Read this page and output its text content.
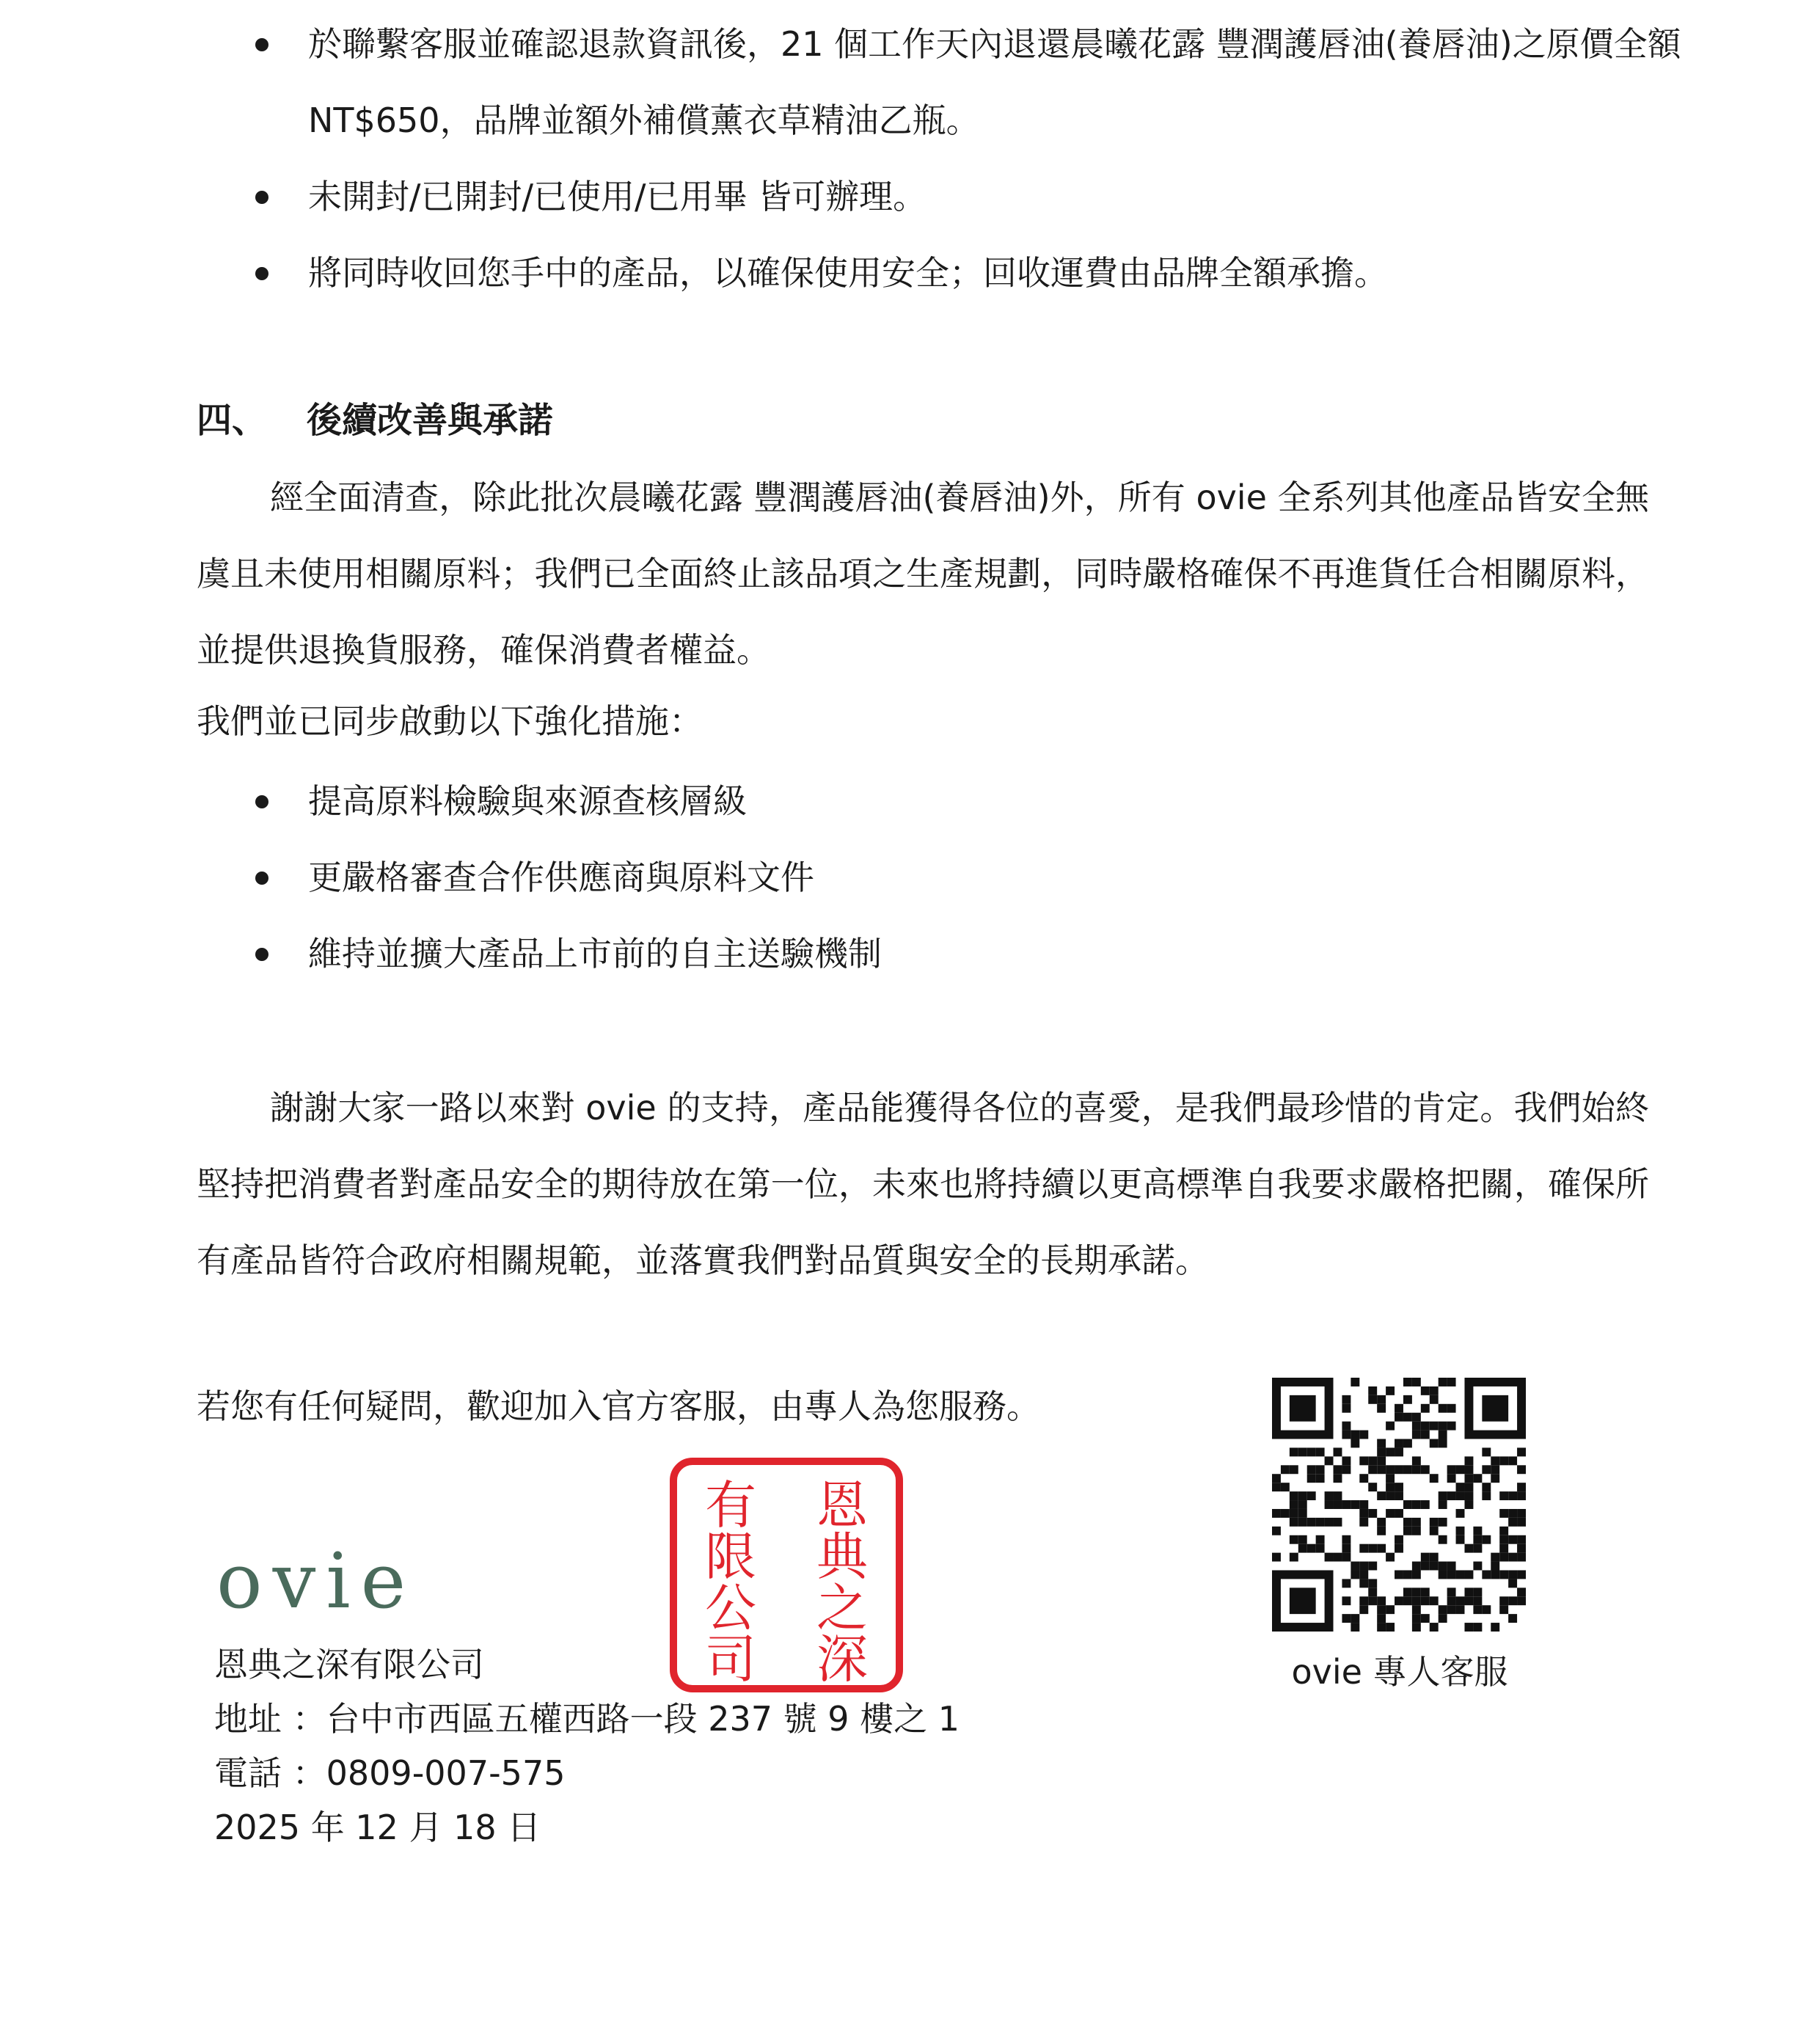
於聯繫客服並確認退款資訊後，21 個工作天內退還晨曦花露 豐潤護唇油(養唇油)之原價全額 NT$650，品牌並額外補償薰衣草精油乙瓶。
未開封/已開封/已使用/已用畢 皆可辦理。
將同時收回您手中的產品，以確保使用安全；回收運費由品牌全額承擔。
四、 後續改善與承諾

經全面清查，除此批次晨曦花露 豐潤護唇油(養唇油)外，所有 ovie 全系列其他產品皆安全無虞且未使用相關原料；我們已全面終止該品項之生產規劃，同時嚴格確保不再進貨任合相關原料，並提供退換貨服務，確保消費者權益。

我們並已同步啟動以下強化措施：
提高原料檢驗與來源查核層級
更嚴格審查合作供應商與原料文件
維持並擴大產品上市前的自主送驗機制

謝謝大家一路以來對 ovie 的支持，產品能獲得各位的喜愛，是我們最珍惜的肯定。我們始終堅持把消費者對產品安全的期待放在第一位，未來也將持續以更高標準自我要求嚴格把關，確保所有產品皆符合政府相關規範，並落實我們對品質與安全的長期承諾。

若您有任何疑問，歡迎加入官方客服，由專人為您服務。
ovie
恩典之深有限公司
地址 ：台中市西區五權西路一段 237 號 9 樓之 1
電話 ：0809-007-575
2025 年 12 月 18 日
恩
典
之
深
有
限
公
司	ovie 專人客服
